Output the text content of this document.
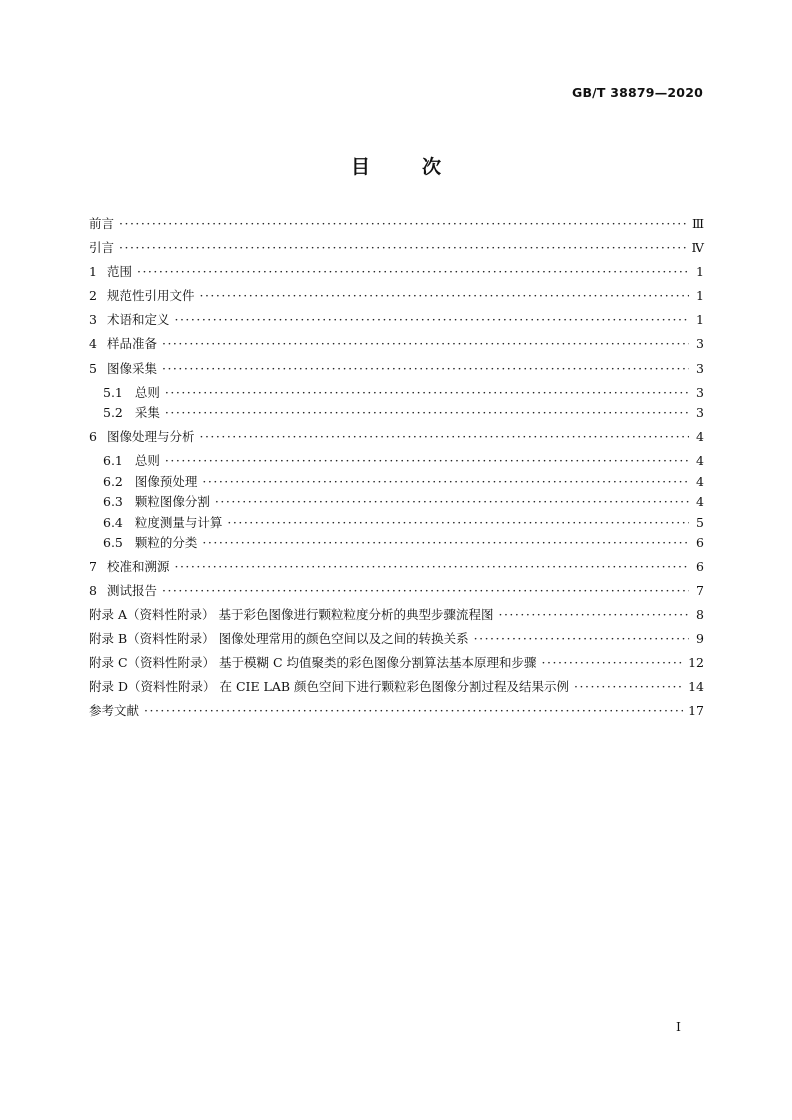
GB/T 38879—2020
目	次
前言 ·····	Ⅲ
引言 ·····	Ⅳ
1 范围 ·····	1
2 规范性引用文件 ·····	1
3 术语和定义 ·····	1
4 样品准备 ·····	3
5 图像采集 ·····	3
5.1 总则 ·····	3
5.2 采集 ·····	3
6 图像处理与分析 ·····	4
6.1 总则 ·····	4
6.2 图像预处理 ·····	4
6.3 颗粒图像分割 ·····	4
6.4 粒度测量与计算 ·····	5
6.5 颗粒的分类 ·····	6
7 校准和溯源 ·····	6
8 测试报告 ·····	7
附录 A（资料性附录） 基于彩色图像进行颗粒粒度分析的典型步骤流程图 ·····	8
附录 B（资料性附录） 图像处理常用的颜色空间以及之间的转换关系 ·····	9
附录 C（资料性附录） 基于模糊 C 均值聚类的彩色图像分割算法基本原理和步骤 ·····	12
附录 D（资料性附录） 在 CIE LAB 颜色空间下进行颗粒彩色图像分割过程及结果示例 ·····	14
参考文献 ·····	17
Ⅰ
